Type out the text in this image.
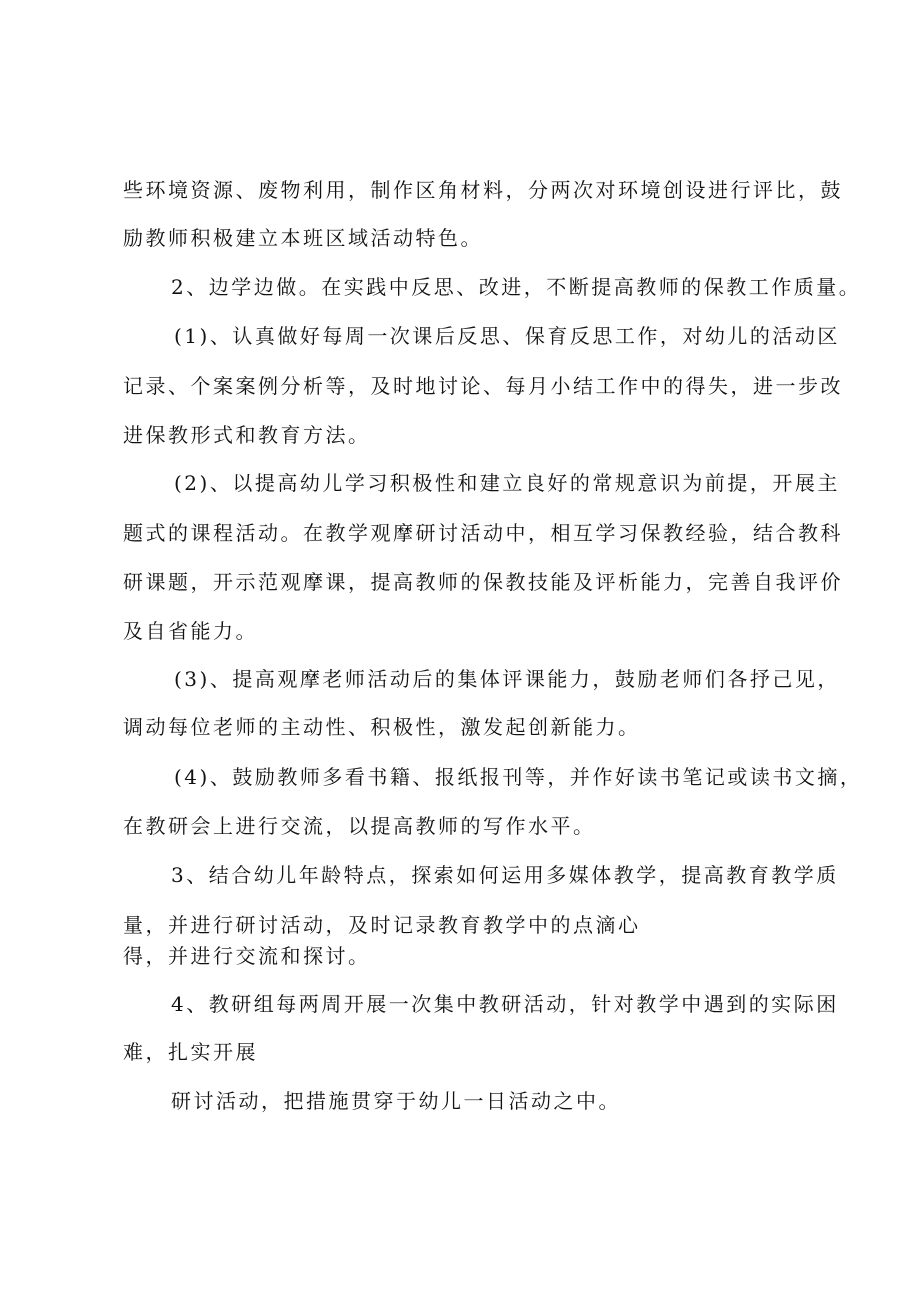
些环境资源、废物利用，制作区角材料，分两次对环境创设进行评比，鼓
励教师积极建立本班区域活动特色。
2、边学边做。在实践中反思、改进，不断提高教师的保教工作质量。
(1)、认真做好每周一次课后反思、保育反思工作，对幼儿的活动区
记录、个案案例分析等，及时地讨论、每月小结工作中的得失，进一步改
进保教形式和教育方法。
(2)、以提高幼儿学习积极性和建立良好的常规意识为前提，开展主
题式的课程活动。在教学观摩研讨活动中，相互学习保教经验，结合教科
研课题，开示范观摩课，提高教师的保教技能及评析能力，完善自我评价
及自省能力。
(3)、提高观摩老师活动后的集体评课能力，鼓励老师们各抒己见，
调动每位老师的主动性、积极性，激发起创新能力。
(4)、鼓励教师多看书籍、报纸报刊等，并作好读书笔记或读书文摘，
在教研会上进行交流，以提高教师的写作水平。
3、结合幼儿年龄特点，探索如何运用多媒体教学，提高教育教学质
量，并进行研讨活动，及时记录教育教学中的点滴心
得，并进行交流和探讨。
4、教研组每两周开展一次集中教研活动，针对教学中遇到的实际困
难，扎实开展
研讨活动，把措施贯穿于幼儿一日活动之中。
